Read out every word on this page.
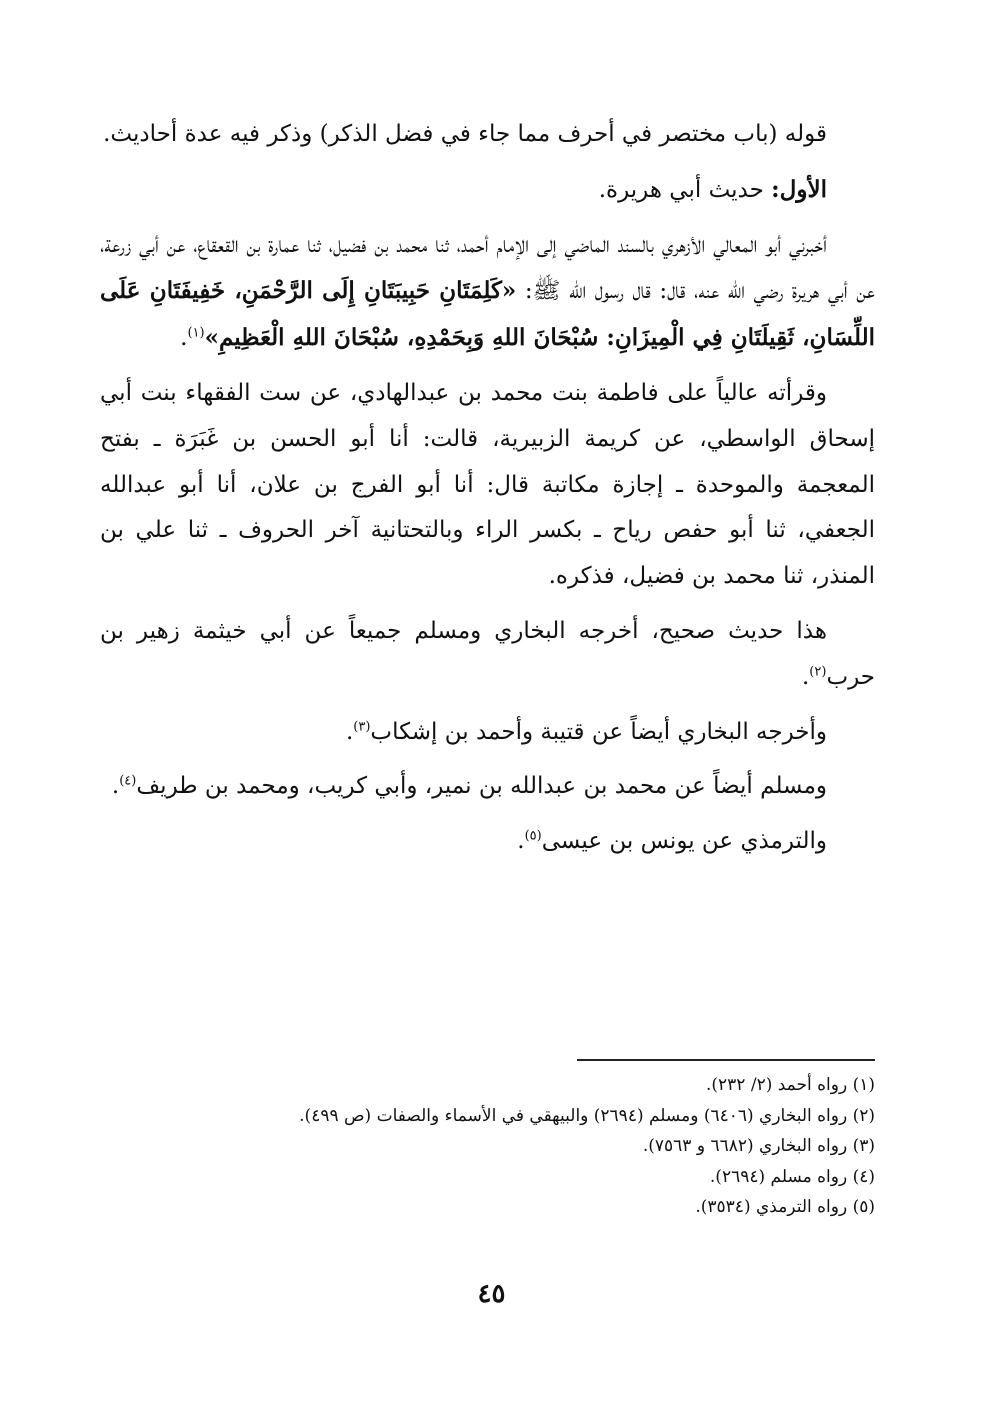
قوله (باب مختصر في أحرف مما جاء في فضل الذكر) وذكر فيه عدة أحاديث.

الأول: حديث أبي هريرة.

أخبرني أبو المعالي الأزهري بالسند الماضي إلى الإمام أحمد، ثنا محمد بن فضيل، ثنا عمارة بن القعقاع، عن أبي زرعة، عن أبي هريرة رضي الله عنه، قال: قال رسول الله ﷺ: «كَلِمَتَانِ حَبِيبَتَانِ إِلَى الرَّحْمَنِ، خَفِيفَتَانِ عَلَى اللِّسَانِ، ثَقِيلَتَانِ فِي الْمِيزَانِ: سُبْحَانَ اللهِ وَبِحَمْدِهِ، سُبْحَانَ اللهِ الْعَظِيمِ»$^{(١)}$.

وقرأته عالياً على فاطمة بنت محمد بن عبدالهادي، عن ست الفقهاء بنت أبي إسحاق الواسطي، عن كريمة الزبيرية، قالت: أنا أبو الحسن بن غَبَرَة ـ بفتح المعجمة والموحدة ـ إجازة مكاتبة قال: أنا أبو الفرج بن علان، أنا أبو عبدالله الجعفي، ثنا أبو حفص رياح ـ بكسر الراء وبالتحتانية آخر الحروف ـ ثنا علي بن المنذر، ثنا محمد بن فضيل، فذكره.

هذا حديث صحيح، أخرجه البخاري ومسلم جميعاً عن أبي خيثمة زهير بن حرب$^{(٢)}$.

وأخرجه البخاري أيضاً عن قتيبة وأحمد بن إشكاب$^{(٣)}$.

ومسلم أيضاً عن محمد بن عبدالله بن نمير، وأبي كريب، ومحمد بن طريف$^{(٤)}$.

والترمذي عن يونس بن عيسى$^{(٥)}$.

(١) رواه أحمد (٢/ ٢٣٢).
(٢) رواه البخاري (٦٤٠٦) ومسلم (٢٦٩٤) والبيهقي في الأسماء والصفات (ص ٤٩٩).
(٣) رواه البخاري (٦٦٨٢ و ٧٥٦٣).
(٤) رواه مسلم (٢٦٩٤).
(٥) رواه الترمذي (٣٥٣٤).
٤٥
